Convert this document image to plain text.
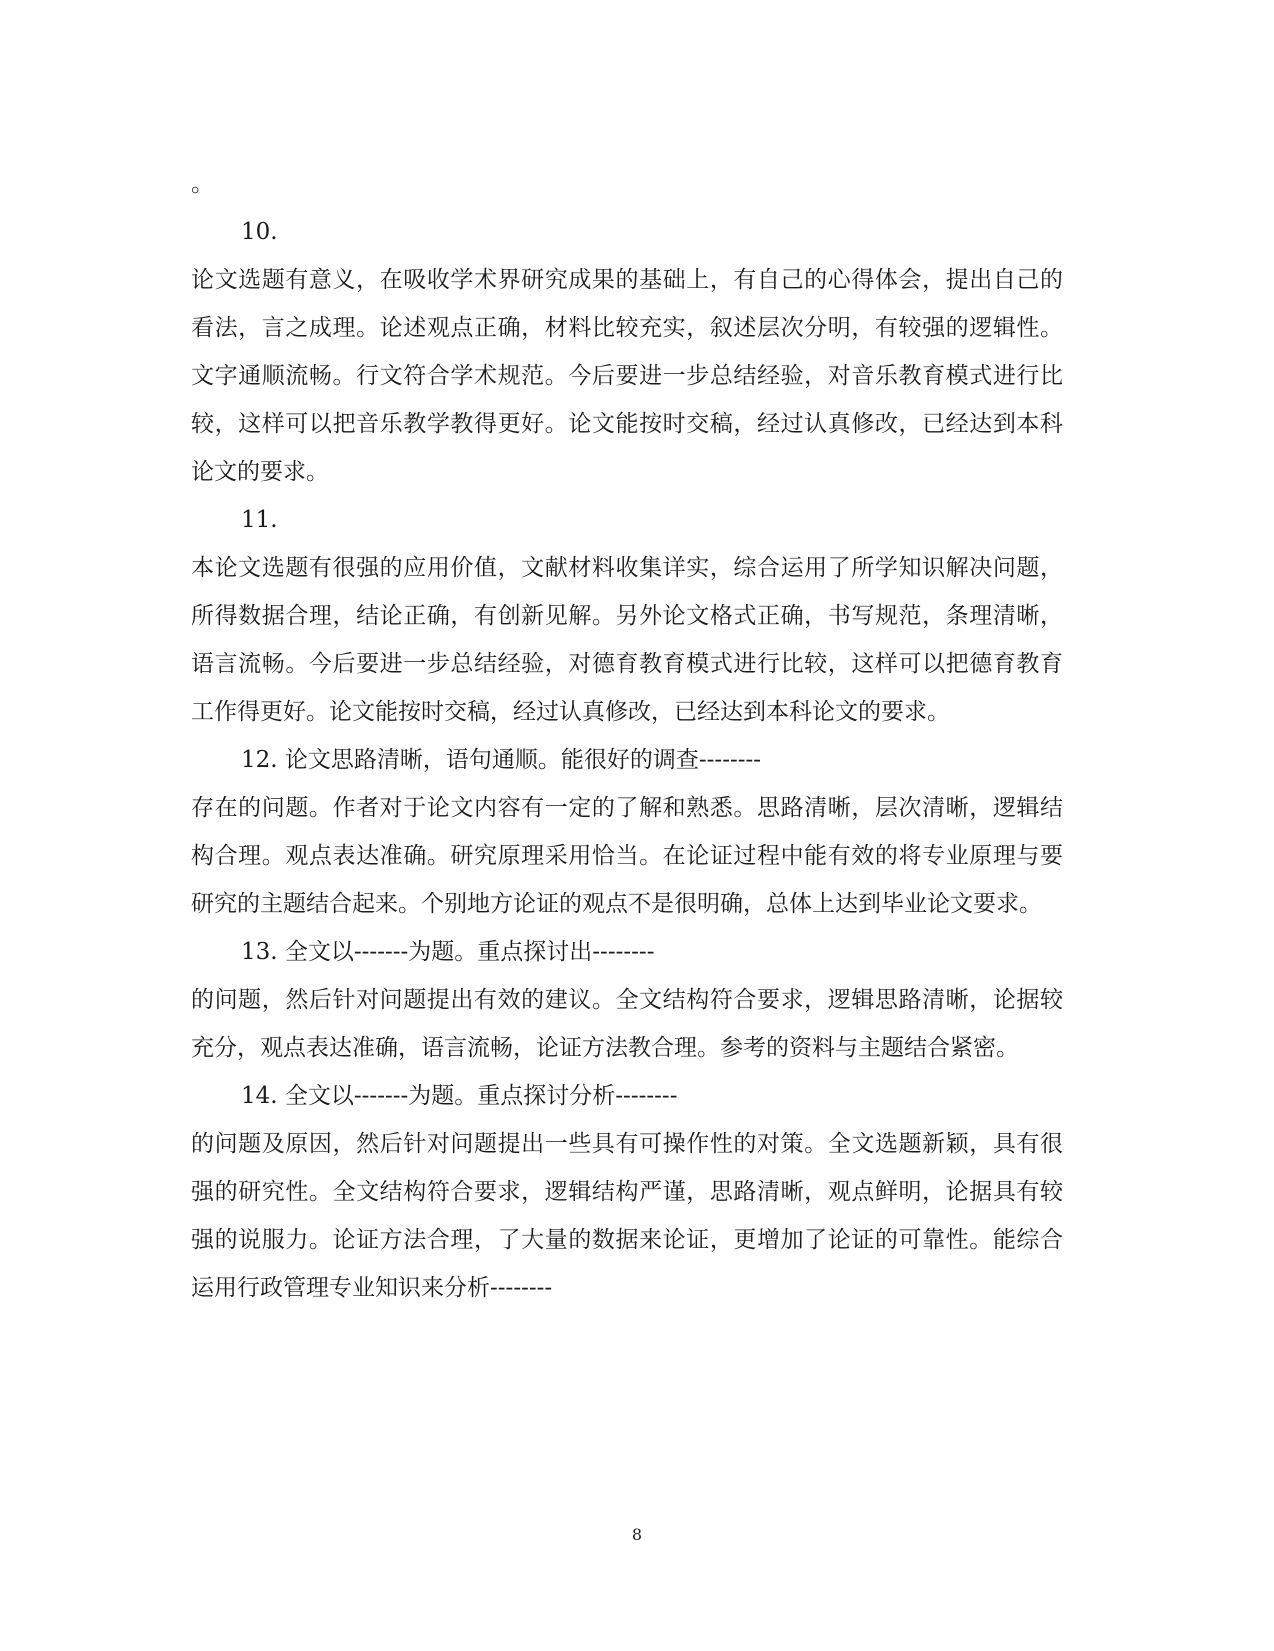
。
10.
论文选题有意义，在吸收学术界研究成果的基础上，有自己的心得体会，提出自己的看法，言之成理。论述观点正确，材料比较充实，叙述层次分明，有较强的逻辑性。文字通顺流畅。行文符合学术规范。今后要进一步总结经验，对音乐教育模式进行比较，这样可以把音乐教学教得更好。论文能按时交稿，经过认真修改，已经达到本科论文的要求。
11.
本论文选题有很强的应用价值，文献材料收集详实，综合运用了所学知识解决问题，所得数据合理，结论正确，有创新见解。另外论文格式正确，书写规范，条理清晰，语言流畅。今后要进一步总结经验，对德育教育模式进行比较，这样可以把德育教育工作得更好。论文能按时交稿，经过认真修改，已经达到本科论文的要求。
12. 论文思路清晰，语句通顺。能很好的调查--------
存在的问题。作者对于论文内容有一定的了解和熟悉。思路清晰，层次清晰，逻辑结构合理。观点表达准确。研究原理采用恰当。在论证过程中能有效的将专业原理与要研究的主题结合起来。个别地方论证的观点不是很明确，总体上达到毕业论文要求。
13. 全文以-------为题。重点探讨出--------
的问题，然后针对问题提出有效的建议。全文结构符合要求，逻辑思路清晰，论据较充分，观点表达准确，语言流畅，论证方法教合理。参考的资料与主题结合紧密。
14. 全文以-------为题。重点探讨分析--------
的问题及原因，然后针对问题提出一些具有可操作性的对策。全文选题新颖，具有很强的研究性。全文结构符合要求，逻辑结构严谨，思路清晰，观点鲜明，论据具有较强的说服力。论证方法合理，了大量的数据来论证，更增加了论证的可靠性。能综合运用行政管理专业知识来分析--------
8
